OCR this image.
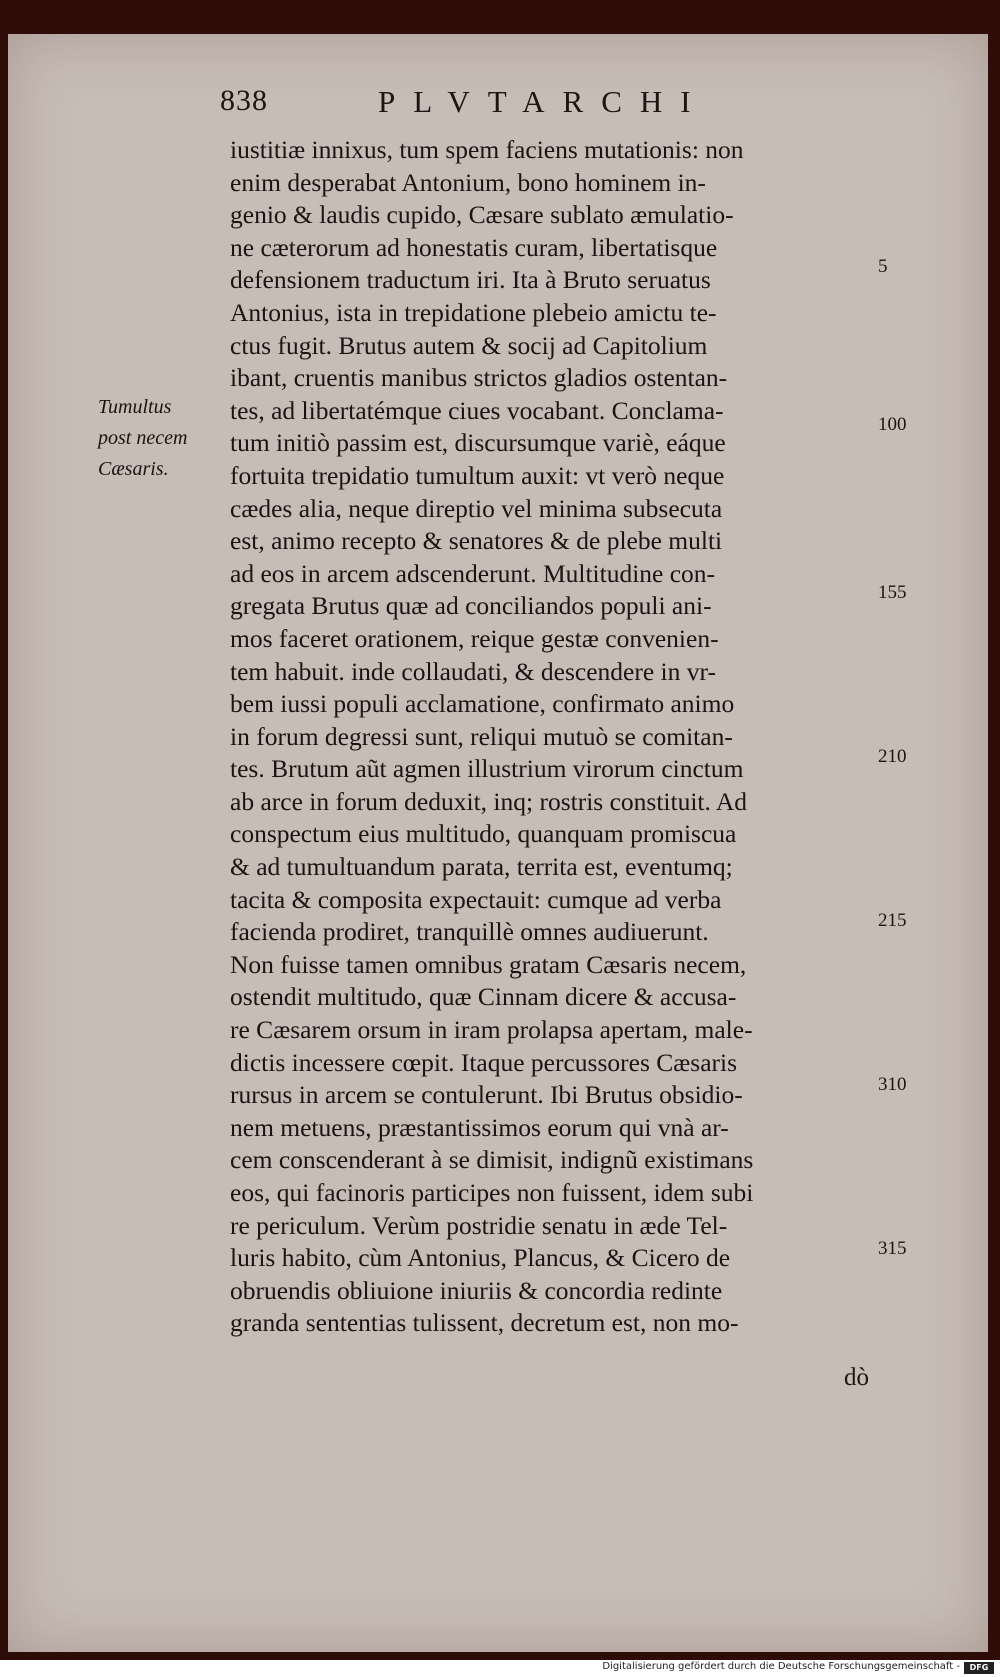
838	PLVTARCHI
Tumultus
post necem
Cæsaris.
iustitiæ innixus, tum spem faciens mutationis: non
enim desperabat Antonium, bono hominem in-
genio & laudis cupido, Cæsare sublato æmulatio-
ne cæterorum ad honestatis curam, libertatisque
defensionem traductum iri. Ita à Bruto seruatus
Antonius, ista in trepidatione plebeio amictu te-
ctus fugit. Brutus autem & socij ad Capitolium
ibant, cruentis manibus strictos gladios ostentan-
tes, ad libertatémque ciues vocabant. Conclama-
tum initiò passim est, discursumque variè, eáque
fortuita trepidatio tumultum auxit: vt verò neque
cædes alia, neque direptio vel minima subsecuta
est, animo recepto & senatores & de plebe multi
ad eos in arcem adscenderunt. Multitudine con-
gregata Brutus quæ ad conciliandos populi ani-
mos faceret orationem, reique gestæ convenien-
tem habuit. inde collaudati, & descendere in vr-
bem iussi populi acclamatione, confirmato animo
in forum degressi sunt, reliqui mutuò se comitan-
tes. Brutum aũt agmen illustrium virorum cinctum
ab arce in forum deduxit, inq; rostris constituit. Ad
conspectum eius multitudo, quanquam promiscua
& ad tumultuandum parata, territa est, eventumq;
tacita & composita expectauit: cumque ad verba
facienda prodiret, tranquillè omnes audiuerunt.
Non fuisse tamen omnibus gratam Cæsaris necem,
ostendit multitudo, quæ Cinnam dicere & accusa-
re Cæsarem orsum in iram prolapsa apertam, male-
dictis incessere cœpit. Itaque percussores Cæsaris
rursus in arcem se contulerunt. Ibi Brutus obsidio-
nem metuens, præstantissimos eorum qui vnà ar-
cem conscenderant à se dimisit, indignũ existimans
eos, qui facinoris participes non fuissent, idem subi
re periculum. Verùm postridie senatu in æde Tel-
luris habito, cùm Antonius, Plancus, & Cicero de
obruendis obliuione iniuriis & concordia redinte
granda sententias tulissent, decretum est, non mo-
5
100
155
210
215
310
315
dò
Digitalisierung gefördert durch die Deutsche Forschungsgemeinschaft -	DFG
